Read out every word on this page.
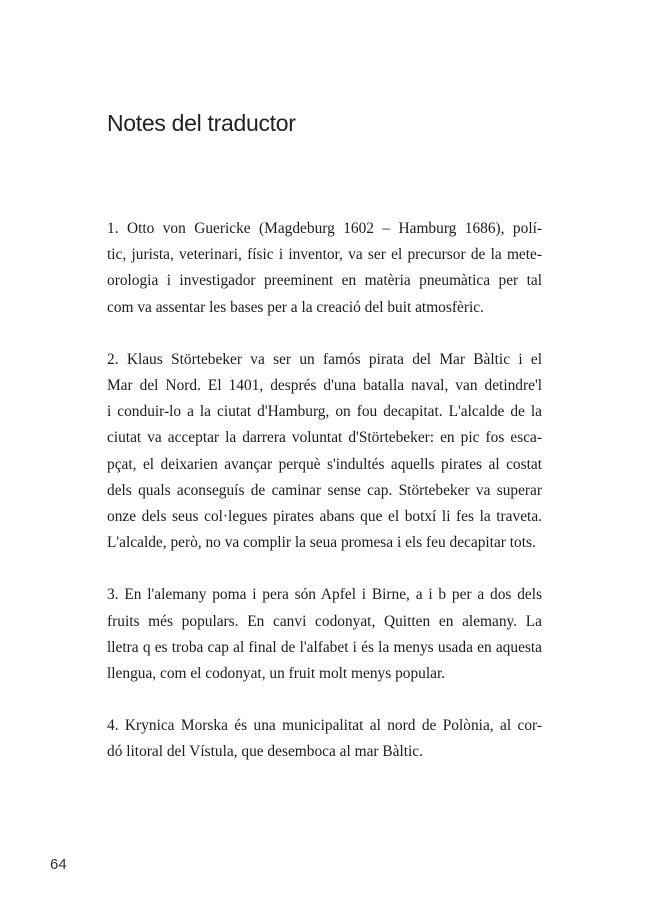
Notes del traductor
1. Otto von Guericke (Magdeburg 1602 – Hamburg 1686), polí-
tic, jurista, veterinari, físic i inventor, va ser el precursor de la mete-
orologia i investigador preeminent en matèria pneumàtica per tal
com va assentar les bases per a la creació del buit atmosfèric.
2. Klaus Störtebeker va ser un famós pirata del Mar Bàltic i el
Mar del Nord. El 1401, després d'una batalla naval, van detindre'l
i conduir-lo a la ciutat d'Hamburg, on fou decapitat. L'alcalde de la
ciutat va acceptar la darrera voluntat d'Störtebeker: en pic fos esca-
pçat, el deixarien avançar perquè s'indultés aquells pirates al costat
dels quals aconseguís de caminar sense cap. Störtebeker va superar
onze dels seus col·legues pirates abans que el botxí li fes la traveta.
L'alcalde, però, no va complir la seua promesa i els feu decapitar tots.
3. En l'alemany poma i pera són Apfel i Birne, a i b per a dos dels
fruits més populars. En canvi codonyat, Quitten en alemany. La
lletra q es troba cap al final de l'alfabet i és la menys usada en aquesta
llengua, com el codonyat, un fruit molt menys popular.
4. Krynica Morska és una municipalitat al nord de Polònia, al cor-
dó litoral del Vístula, que desemboca al mar Bàltic.
64
